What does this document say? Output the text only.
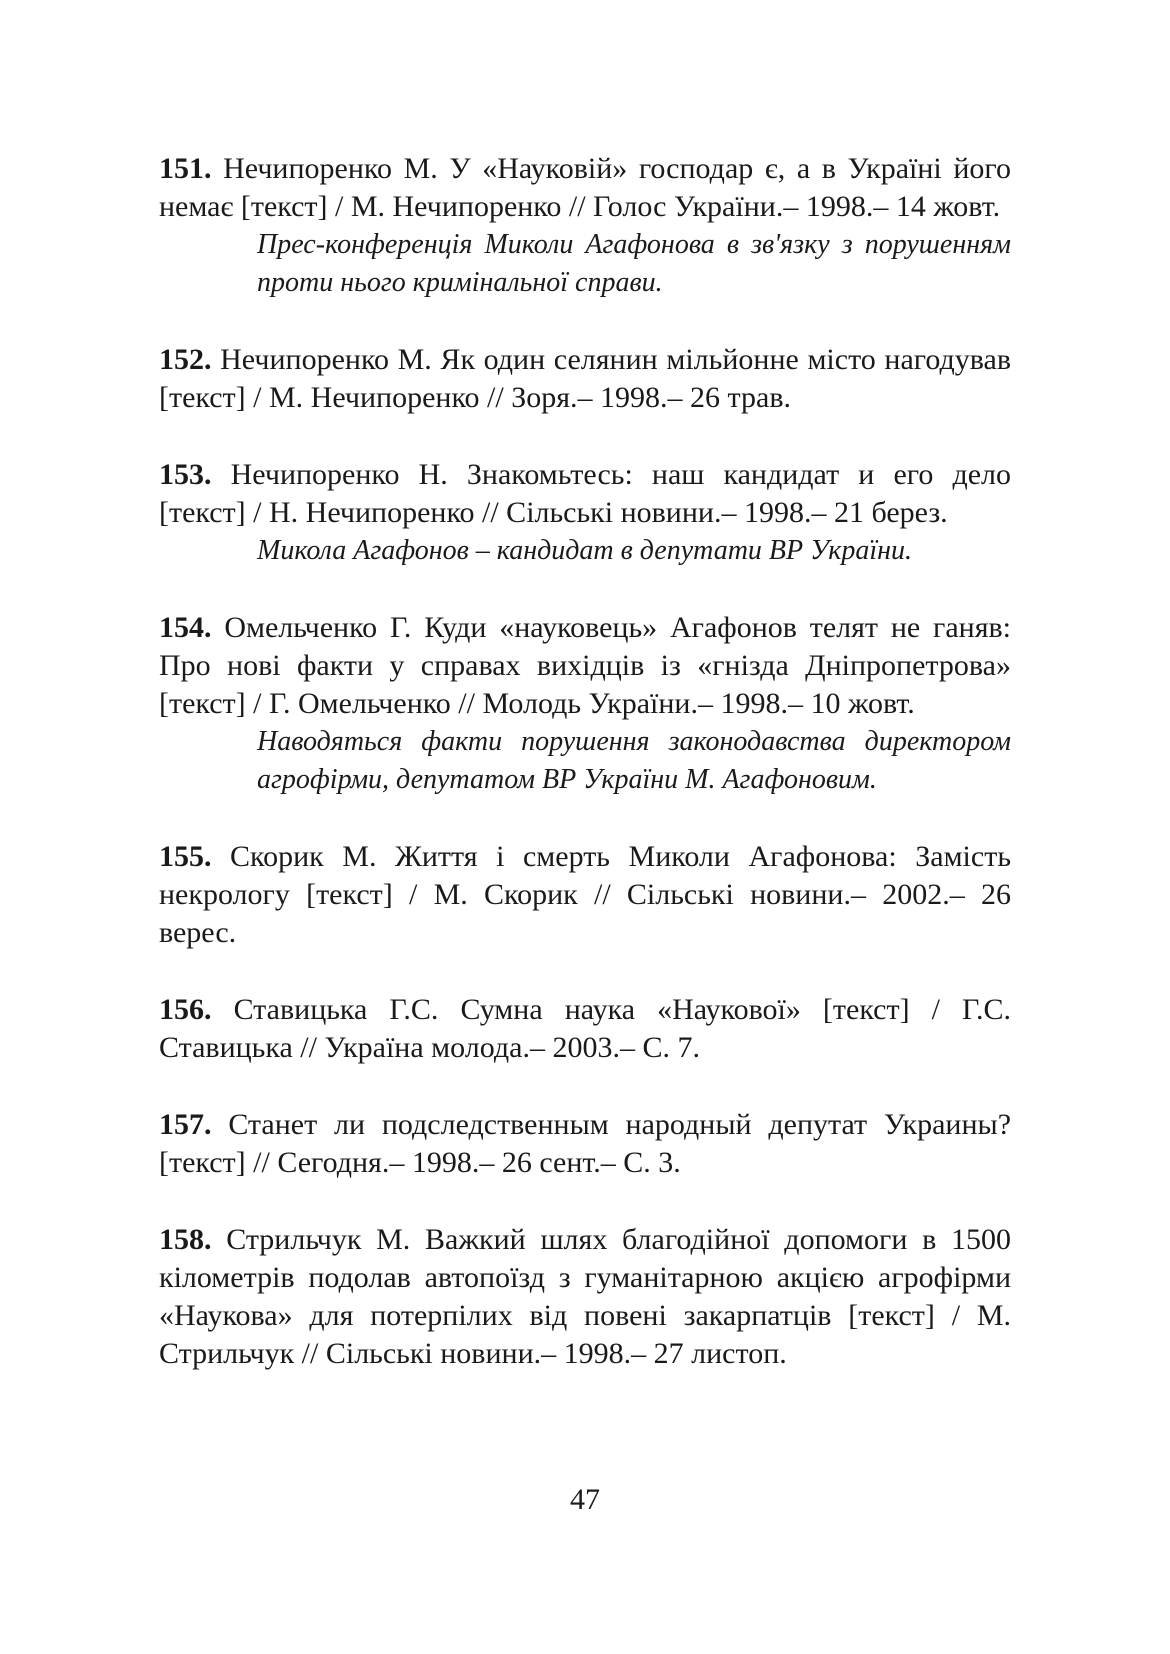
151. Нечипоренко М. У «Науковій» господар є, а в Україні його немає [текст] / М. Нечипоренко // Голос України.– 1998.– 14 жовт.

Прес-конференція Миколи Агафонова в зв'язку з порушенням проти нього кримінальної справи.

152. Нечипоренко М. Як один селянин мільйонне місто нагодував [текст] / М. Нечипоренко // Зоря.– 1998.– 26 трав.

153. Нечипоренко Н. Знакомьтесь: наш кандидат и его дело [текст] / Н. Нечипоренко // Сільські новини.– 1998.– 21 берез.

Микола Агафонов – кандидат в депутати ВР України.

154. Омельченко Г. Куди «науковець» Агафонов телят не ганяв: Про нові факти у справах вихідців із «гнізда Дніпропетрова» [текст] / Г. Омельченко // Молодь України.– 1998.– 10 жовт.

Наводяться факти порушення законодавства директором агрофірми, депутатом ВР України М. Агафоновим.

155. Скорик М. Життя і смерть Миколи Агафонова: Замість некрологу [текст] / М. Скорик // Сільські новини.– 2002.– 26 верес.

156. Ставицька Г.С. Сумна наука «Наукової» [текст] / Г.С. Ставицька // Україна молода.– 2003.– С. 7.

157. Станет ли подследственным народный депутат Украины? [текст] // Сегодня.– 1998.– 26 сент.– С. 3.

158. Стрильчук М. Важкий шлях благодійної допомоги в 1500 кілометрів подолав автопоїзд з гуманітарною акцією агрофірми «Наукова» для потерпілих від повені закарпатців [текст] / М. Стрильчук // Сільські новини.– 1998.– 27 листоп.

47
